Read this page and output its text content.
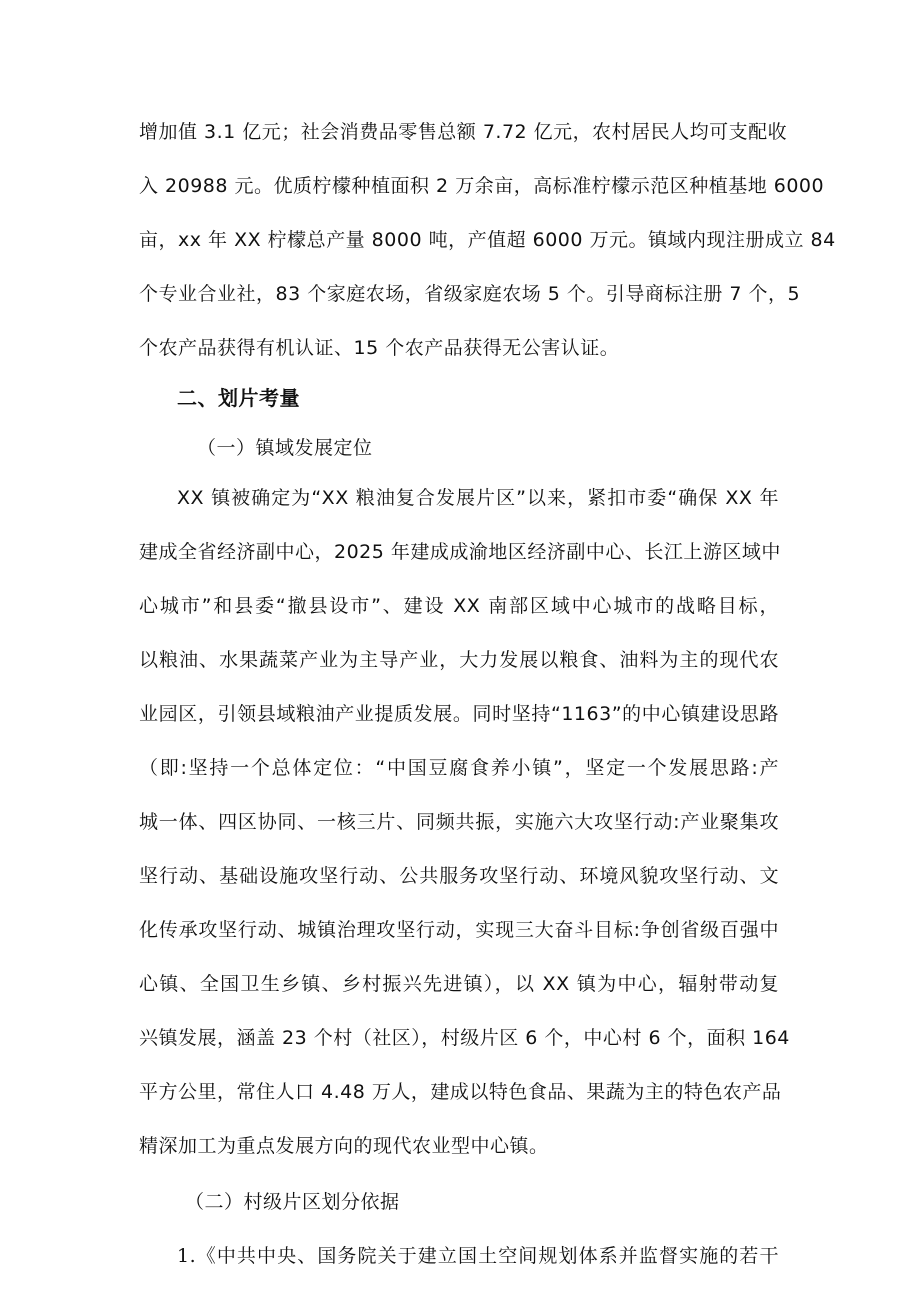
增加值 3.1 亿元；社会消费品零售总额 7.72 亿元，农村居民人均可支配收
入 20988 元。优质柠檬种植面积 2 万余亩，高标准柠檬示范区种植基地 6000
亩，xx 年 XX 柠檬总产量 8000 吨，产值超 6000 万元。镇域内现注册成立 84
个专业合业社，83 个家庭农场，省级家庭农场 5 个。引导商标注册 7 个，5
个农产品获得有机认证、15 个农产品获得无公害认证。
二、划片考量
（一）镇域发展定位
XX 镇被确定为“XX 粮油复合发展片区”以来，紧扣市委“确保 XX 年
建成全省经济副中心，2025 年建成成渝地区经济副中心、长江上游区域中
心城市”和县委“撤县设市”、建设 XX 南部区域中心城市的战略目标，
以粮油、水果蔬菜产业为主导产业，大力发展以粮食、油料为主的现代农
业园区，引领县域粮油产业提质发展。同时坚持“1163”的中心镇建设思路
（即:坚持一个总体定位：“中国豆腐食养小镇”，坚定一个发展思路:产
城一体、四区协同、一核三片、同频共振，实施六大攻坚行动:产业聚集攻
坚行动、基础设施攻坚行动、公共服务攻坚行动、环境风貌攻坚行动、文
化传承攻坚行动、城镇治理攻坚行动，实现三大奋斗目标:争创省级百强中
心镇、全国卫生乡镇、乡村振兴先进镇），以 XX 镇为中心，辐射带动复
兴镇发展，涵盖 23 个村（社区），村级片区 6 个，中心村 6 个，面积 164
平方公里，常住人口 4.48 万人，建成以特色食品、果蔬为主的特色农产品
精深加工为重点发展方向的现代农业型中心镇。
（二）村级片区划分依据
1.《中共中央、国务院关于建立国土空间规划体系并监督实施的若干
